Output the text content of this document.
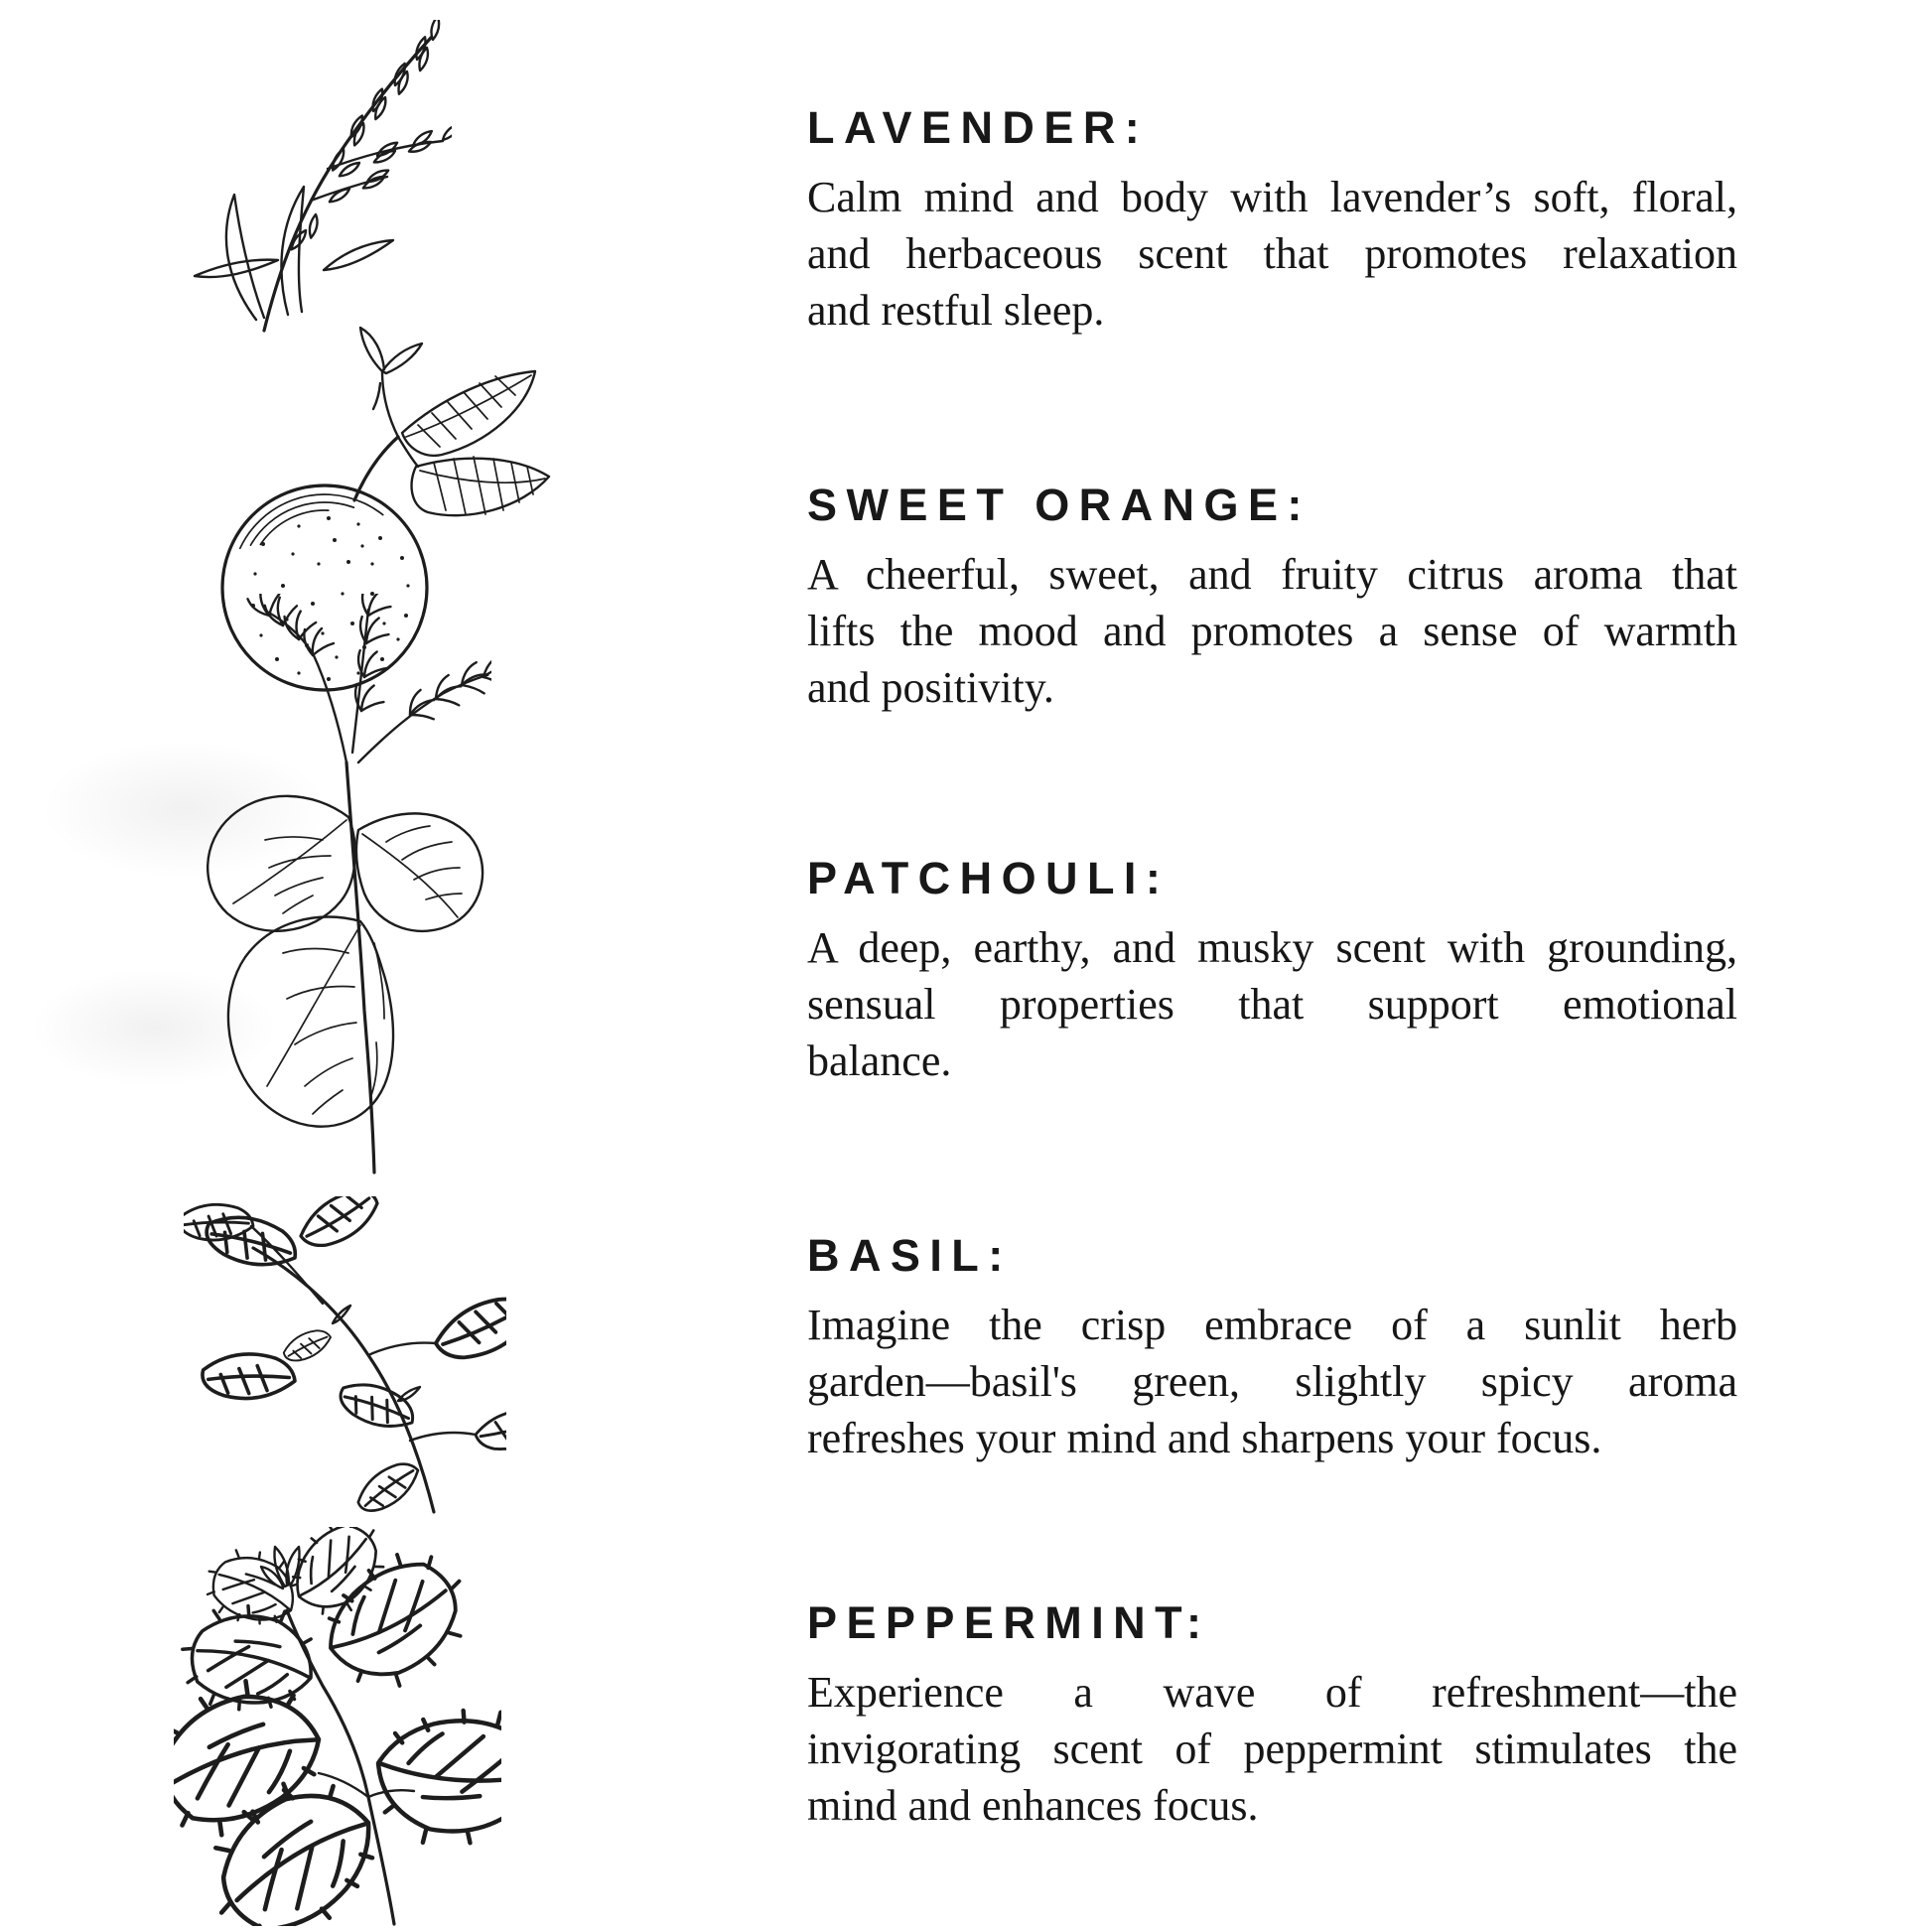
LAVENDER:
Calm mind and body with lavender’s soft, floral,
and herbaceous scent that promotes relaxation
and restful sleep.
SWEET ORANGE:
A cheerful, sweet, and fruity citrus aroma that
lifts the mood and promotes a sense of warmth
and positivity.
PATCHOULI:
A deep, earthy, and musky scent with grounding,
sensual properties that support emotional
balance.
BASIL:
Imagine the crisp embrace of a sunlit herb
garden—basil's green, slightly spicy aroma
refreshes your mind and sharpens your focus.
PEPPERMINT:
Experience a wave of refreshment—the
invigorating scent of peppermint stimulates the
mind and enhances focus.
